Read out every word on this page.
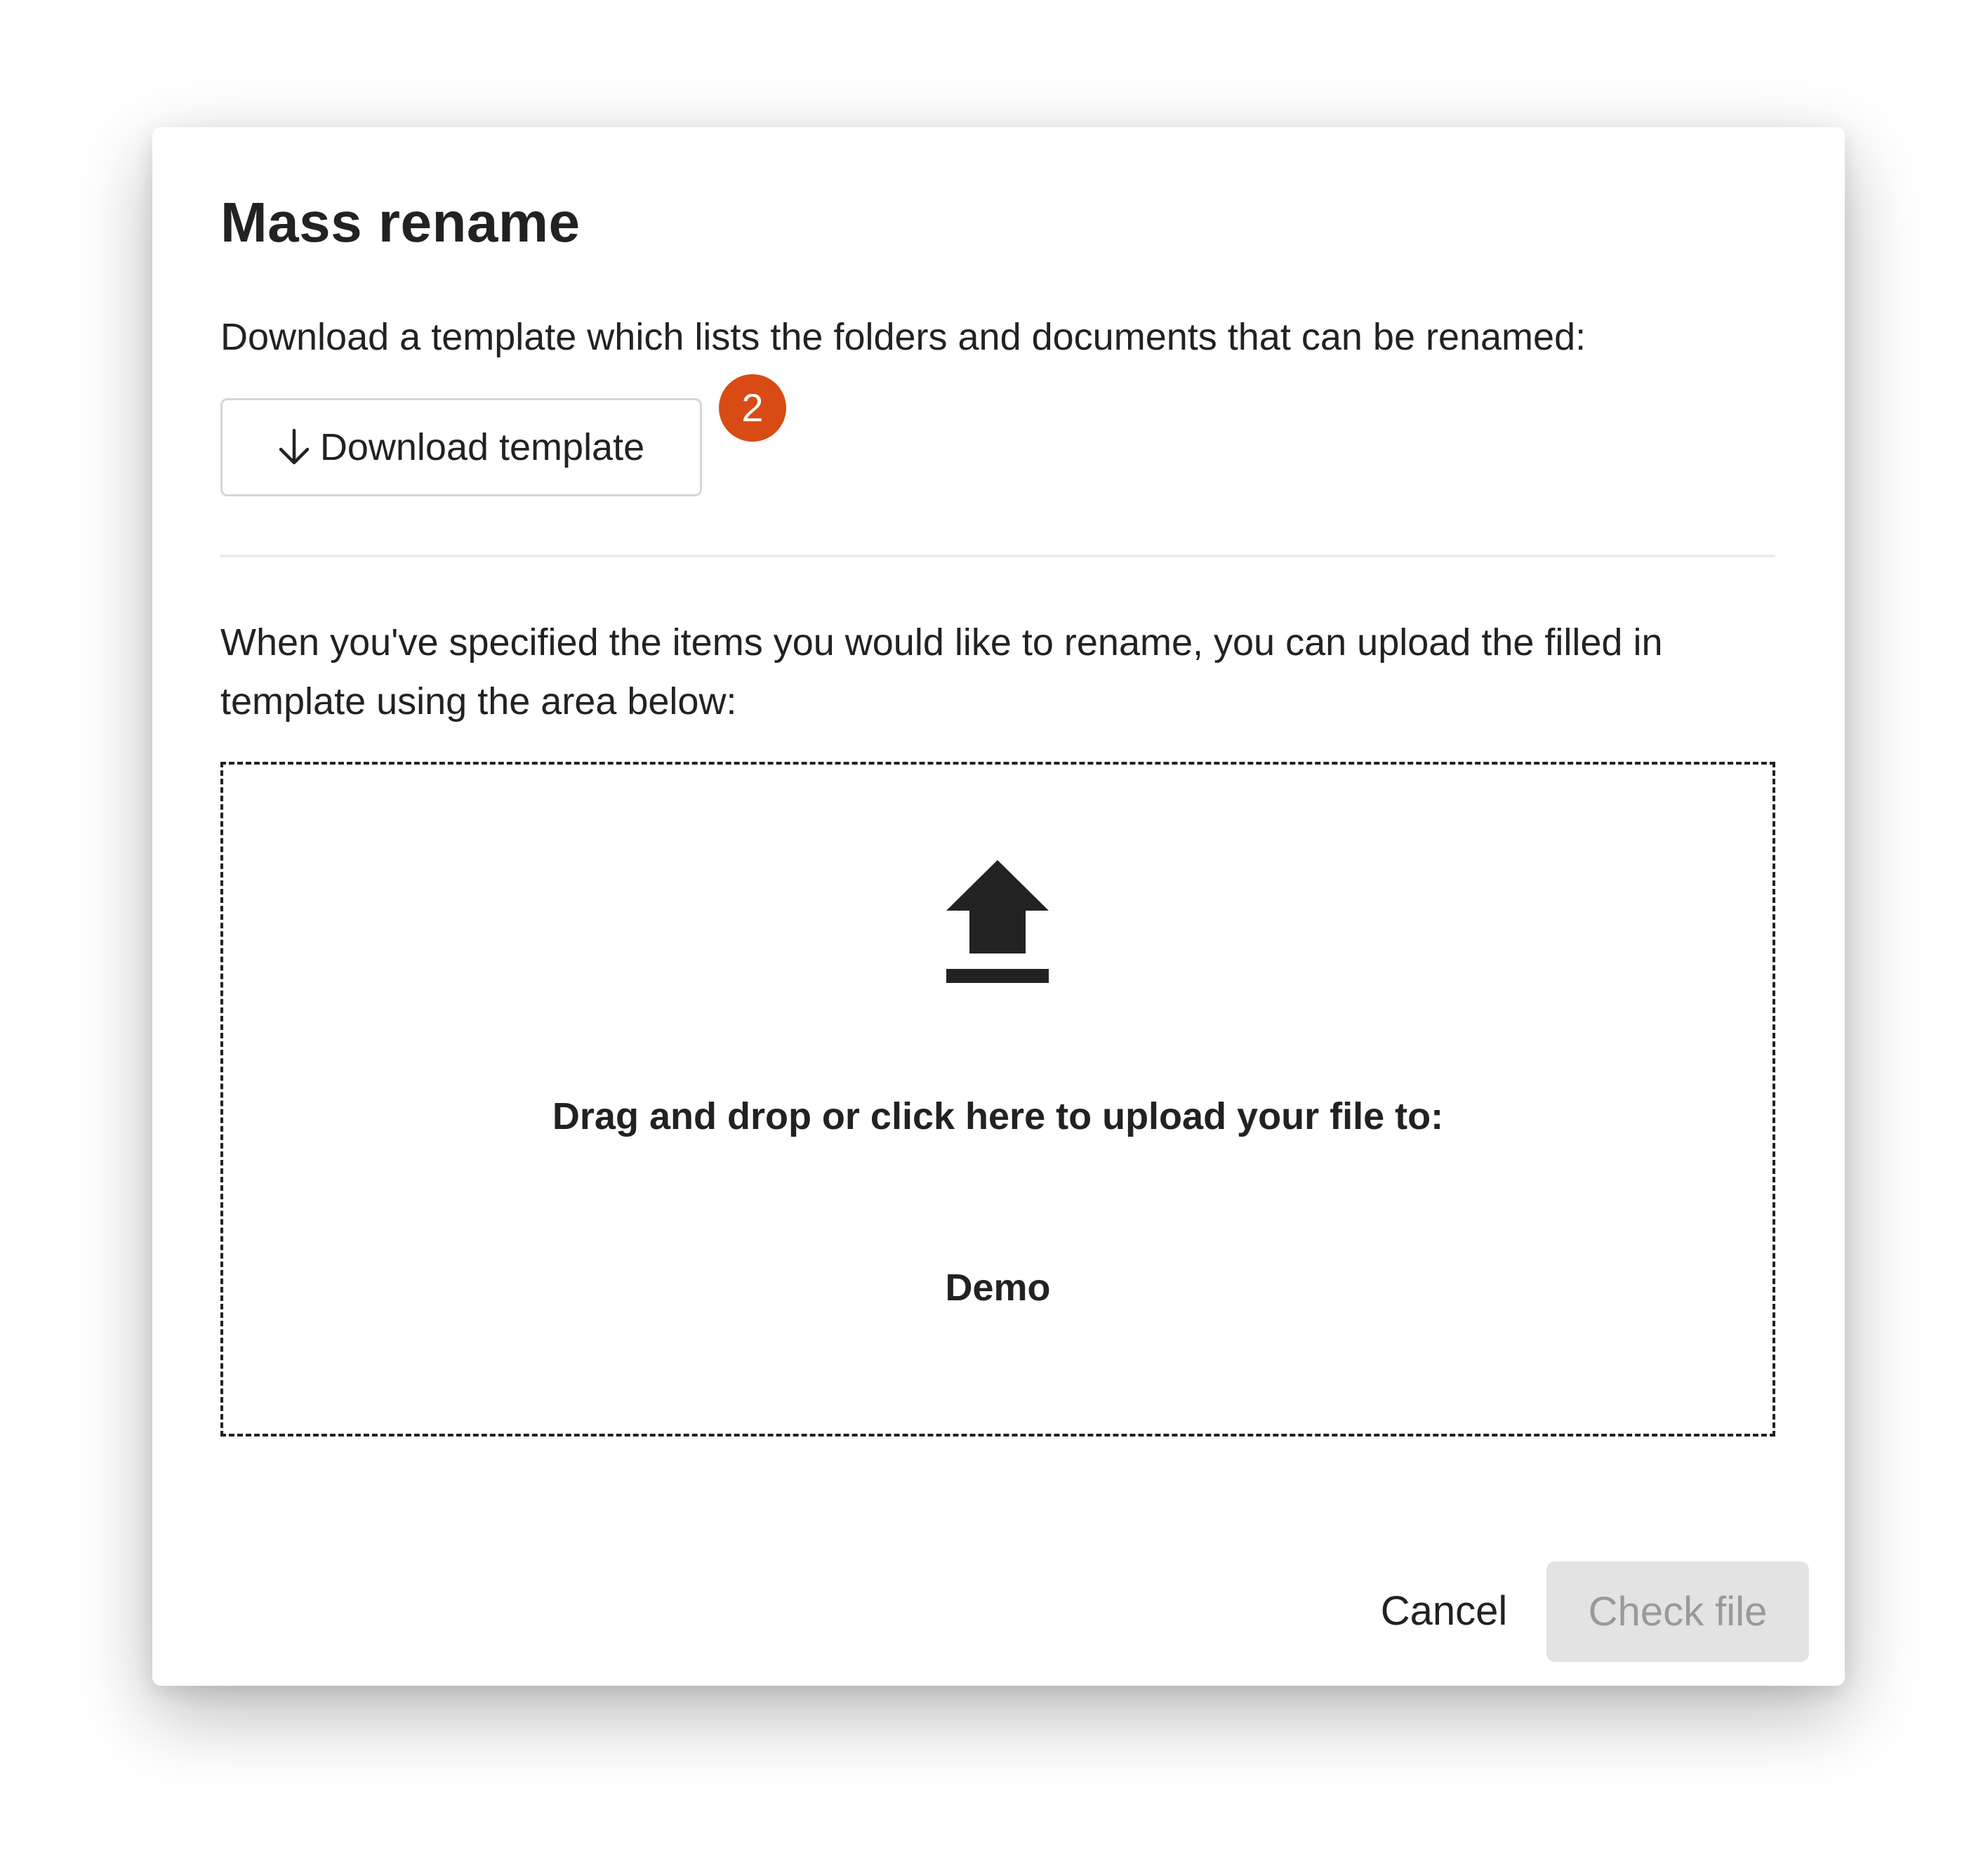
Mass rename

Download a template which lists the folders and documents that can be renamed:

Download template
2

When you've specified the items you would like to rename, you can upload the filled in template using the area below:

Drag and drop or click here to upload your file to:
Demo
Cancel	Check file
